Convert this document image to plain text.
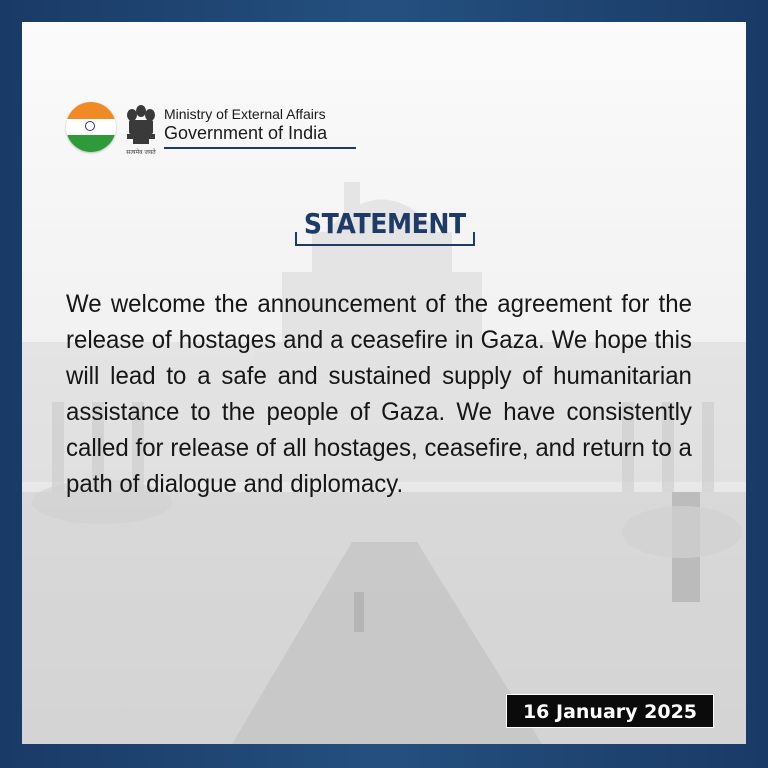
सत्यमेव जयते
Ministry of External Affairs
Government of India
STATEMENT
We welcome the announcement of the agreement for the release of hostages and a ceasefire in Gaza. We hope this will lead to a safe and sustained supply of humanitarian assistance to the people of Gaza. We have consistently called for release of all hostages, ceasefire, and return to a path of dialogue and diplomacy.
16 January 2025
